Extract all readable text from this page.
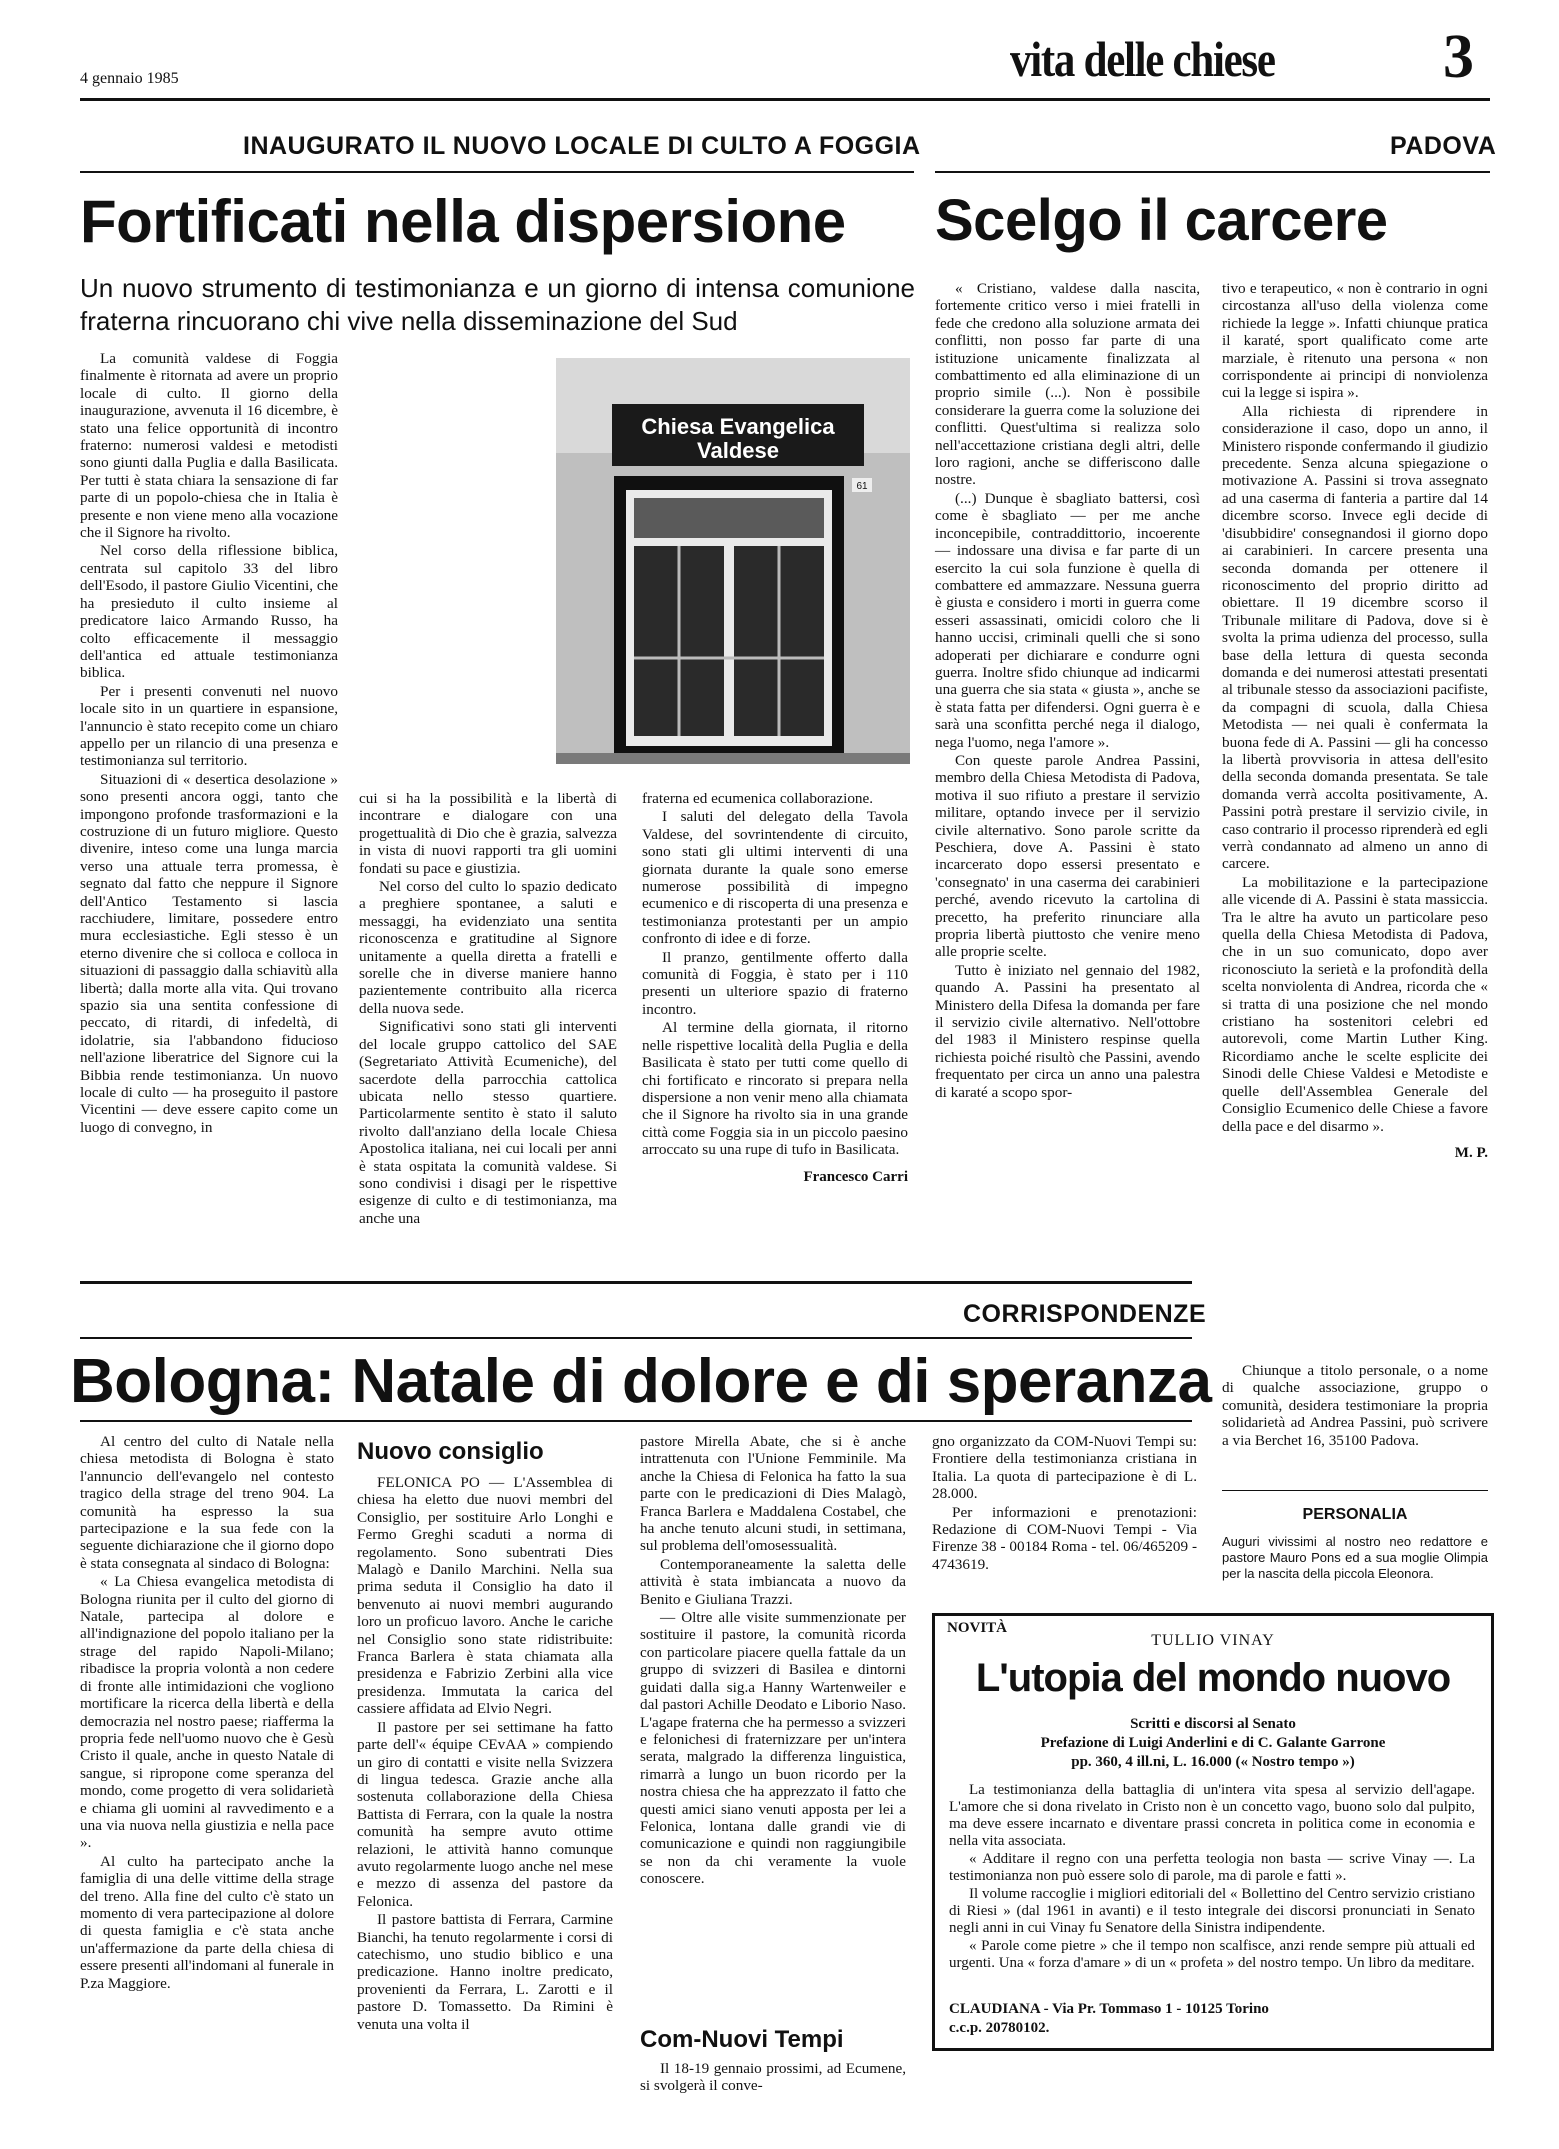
4 gennaio 1985	vita delle chiese	3
INAUGURATO IL NUOVO LOCALE DI CULTO A FOGGIA
Fortificati nella dispersione
Un nuovo strumento di testimonianza e un giorno di intensa comunione fraterna rincuorano chi vive nella disseminazione del Sud

La comunità valdese di Foggia finalmente è ritornata ad avere un proprio locale di culto. Il giorno della inaugurazione, avvenuta il 16 dicembre, è stato una felice opportunità di incontro fraterno: numerosi valdesi e metodisti sono giunti dalla Puglia e dalla Basilicata. Per tutti è stata chiara la sensazione di far parte di un popolo-chiesa che in Italia è presente e non viene meno alla vocazione che il Signore ha rivolto.

Nel corso della riflessione biblica, centrata sul capitolo 33 del libro dell'Esodo, il pastore Giulio Vicentini, che ha presieduto il culto insieme al predicatore laico Armando Russo, ha colto efficacemente il messaggio dell'antica ed attuale testimonianza biblica.

Per i presenti convenuti nel nuovo locale sito in un quartiere in espansione, l'annuncio è stato recepito come un chiaro appello per un rilancio di una presenza e testimonianza sul territorio.

Situazioni di « desertica desolazione » sono presenti ancora oggi, tanto che impongono profonde trasformazioni e la costruzione di un futuro migliore. Questo divenire, inteso come una lunga marcia verso una attuale terra promessa, è segnato dal fatto che neppure il Signore dell'Antico Testamento si lascia racchiudere, limitare, possedere entro mura ecclesiastiche. Egli stesso è un eterno divenire che si colloca e colloca in situazioni di passaggio dalla schiavitù alla libertà; dalla morte alla vita. Qui trovano spazio sia una sentita confessione di peccato, di ritardi, di infedeltà, di idolatrie, sia l'abbandono fiducioso nell'azione liberatrice del Signore cui la Bibbia rende testimonianza. Un nuovo locale di culto — ha proseguito il pastore Vicentini — deve essere capito come un luogo di convegno, in

Chiesa Evangelica
Valdese
61

cui si ha la possibilità e la libertà di incontrare e dialogare con una progettualità di Dio che è grazia, salvezza in vista di nuovi rapporti tra gli uomini fondati su pace e giustizia.

Nel corso del culto lo spazio dedicato a preghiere spontanee, a saluti e messaggi, ha evidenziato una sentita riconoscenza e gratitudine al Signore unitamente a quella diretta a fratelli e sorelle che in diverse maniere hanno pazientemente contribuito alla ricerca della nuova sede.

Significativi sono stati gli interventi del locale gruppo cattolico del SAE (Segretariato Attività Ecumeniche), del sacerdote della parrocchia cattolica ubicata nello stesso quartiere. Particolarmente sentito è stato il saluto rivolto dall'anziano della locale Chiesa Apostolica italiana, nei cui locali per anni è stata ospitata la comunità valdese. Si sono condivisi i disagi per le rispettive esigenze di culto e di testimonianza, ma anche una

fraterna ed ecumenica collaborazione.

I saluti del delegato della Tavola Valdese, del sovrintendente di circuito, sono stati gli ultimi interventi di una giornata durante la quale sono emerse numerose possibilità di impegno ecumenico e di riscoperta di una presenza e testimonianza protestanti per un ampio confronto di idee e di forze.

Il pranzo, gentilmente offerto dalla comunità di Foggia, è stato per i 110 presenti un ulteriore spazio di fraterno incontro.

Al termine della giornata, il ritorno nelle rispettive località della Puglia e della Basilicata è stato per tutti come quello di chi fortificato e rincorato si prepara nella dispersione a non venir meno alla chiamata che il Signore ha rivolto sia in una grande città come Foggia sia in un piccolo paesino arroccato su una rupe di tufo in Basilicata.

Francesco Carri
PADOVA
Scelgo il carcere

« Cristiano, valdese dalla nascita, fortemente critico verso i miei fratelli in fede che credono alla soluzione armata dei conflitti, non posso far parte di una istituzione unicamente finalizzata al combattimento ed alla eliminazione di un proprio simile (...). Non è possibile considerare la guerra come la soluzione dei conflitti. Quest'ultima si realizza solo nell'accettazione cristiana degli altri, delle loro ragioni, anche se differiscono dalle nostre.

(...) Dunque è sbagliato battersi, così come è sbagliato — per me anche inconcepibile, contraddittorio, incoerente — indossare una divisa e far parte di un esercito la cui sola funzione è quella di combattere ed ammazzare. Nessuna guerra è giusta e considero i morti in guerra come esseri assassinati, omicidi coloro che li hanno uccisi, criminali quelli che si sono adoperati per dichiarare e condurre ogni guerra. Inoltre sfido chiunque ad indicarmi una guerra che sia stata « giusta », anche se è stata fatta per difendersi. Ogni guerra è e sarà una sconfitta perché nega il dialogo, nega l'uomo, nega l'amore ».

Con queste parole Andrea Passini, membro della Chiesa Metodista di Padova, motiva il suo rifiuto a prestare il servizio militare, optando invece per il servizio civile alternativo. Sono parole scritte da Peschiera, dove A. Passini è stato incarcerato dopo essersi presentato e 'consegnato' in una caserma dei carabinieri perché, avendo ricevuto la cartolina di precetto, ha preferito rinunciare alla propria libertà piuttosto che venire meno alle proprie scelte.

Tutto è iniziato nel gennaio del 1982, quando A. Passini ha presentato al Ministero della Difesa la domanda per fare il servizio civile alternativo. Nell'ottobre del 1983 il Ministero respinse quella richiesta poiché risultò che Passini, avendo frequentato per circa un anno una palestra di karaté a scopo spor-

tivo e terapeutico, « non è contrario in ogni circostanza all'uso della violenza come richiede la legge ». Infatti chiunque pratica il karaté, sport qualificato come arte marziale, è ritenuto una persona « non corrispondente ai principi di nonviolenza cui la legge si ispira ».

Alla richiesta di riprendere in considerazione il caso, dopo un anno, il Ministero risponde confermando il giudizio precedente. Senza alcuna spiegazione o motivazione A. Passini si trova assegnato ad una caserma di fanteria a partire dal 14 dicembre scorso. Invece egli decide di 'disubbidire' consegnandosi il giorno dopo ai carabinieri. In carcere presenta una seconda domanda per ottenere il riconoscimento del proprio diritto ad obiettare. Il 19 dicembre scorso il Tribunale militare di Padova, dove si è svolta la prima udienza del processo, sulla base della lettura di questa seconda domanda e dei numerosi attestati presentati al tribunale stesso da associazioni pacifiste, da compagni di scuola, dalla Chiesa Metodista — nei quali è confermata la buona fede di A. Passini — gli ha concesso la libertà provvisoria in attesa dell'esito della seconda domanda presentata. Se tale domanda verrà accolta positivamente, A. Passini potrà prestare il servizio civile, in caso contrario il processo riprenderà ed egli verrà condannato ad almeno un anno di carcere.

La mobilitazione e la partecipazione alle vicende di A. Passini è stata massiccia. Tra le altre ha avuto un particolare peso quella della Chiesa Metodista di Padova, che in un suo comunicato, dopo aver riconosciuto la serietà e la profondità della scelta nonviolenta di Andrea, ricorda che « si tratta di una posizione che nel mondo cristiano ha sostenitori celebri ed autorevoli, come Martin Luther King. Ricordiamo anche le scelte esplicite dei Sinodi delle Chiese Valdesi e Metodiste e quelle dell'Assemblea Generale del Consiglio Ecumenico delle Chiese a favore della pace e del disarmo ».

M. P.
CORRISPONDENZE
Bologna: Natale di dolore e di speranza

Al centro del culto di Natale nella chiesa metodista di Bologna è stato l'annuncio dell'evangelo nel contesto tragico della strage del treno 904. La comunità ha espresso la sua partecipazione e la sua fede con la seguente dichiarazione che il giorno dopo è stata consegnata al sindaco di Bologna:

« La Chiesa evangelica metodista di Bologna riunita per il culto del giorno di Natale, partecipa al dolore e all'indignazione del popolo italiano per la strage del rapido Napoli-Milano; ribadisce la propria volontà a non cedere di fronte alle intimidazioni che vogliono mortificare la ricerca della libertà e della democrazia nel nostro paese; riafferma la propria fede nell'uomo nuovo che è Gesù Cristo il quale, anche in questo Natale di sangue, si ripropone come speranza del mondo, come progetto di vera solidarietà e chiama gli uomini al ravvedimento e a una via nuova nella giustizia e nella pace ».

Al culto ha partecipato anche la famiglia di una delle vittime della strage del treno. Alla fine del culto c'è stato un momento di vera partecipazione al dolore di questa famiglia e c'è stata anche un'affermazione da parte della chiesa di essere presenti all'indomani al funerale in P.za Maggiore.

Nuovo consiglio

FELONICA PO — L'Assemblea di chiesa ha eletto due nuovi membri del Consiglio, per sostituire Arlo Longhi e Fermo Greghi scaduti a norma di regolamento. Sono subentrati Dies Malagò e Danilo Marchini. Nella sua prima seduta il Consiglio ha dato il benvenuto ai nuovi membri augurando loro un proficuo lavoro. Anche le cariche nel Consiglio sono state ridistribuite: Franca Barlera è stata chiamata alla presidenza e Fabrizio Zerbini alla vice presidenza. Immutata la carica del cassiere affidata ad Elvio Negri.

Il pastore per sei settimane ha fatto parte dell'« équipe CEvAA » compiendo un giro di contatti e visite nella Svizzera di lingua tedesca. Grazie anche alla sostenuta collaborazione della Chiesa Battista di Ferrara, con la quale la nostra comunità ha sempre avuto ottime relazioni, le attività hanno comunque avuto regolarmente luogo anche nel mese e mezzo di assenza del pastore da Felonica.

Il pastore battista di Ferrara, Carmine Bianchi, ha tenuto regolarmente i corsi di catechismo, uno studio biblico e una predicazione. Hanno inoltre predicato, provenienti da Ferrara, L. Zarotti e il pastore D. Tomassetto. Da Rimini è venuta una volta il

pastore Mirella Abate, che si è anche intrattenuta con l'Unione Femminile. Ma anche la Chiesa di Felonica ha fatto la sua parte con le predicazioni di Dies Malagò, Franca Barlera e Maddalena Costabel, che ha anche tenuto alcuni studi, in settimana, sul problema dell'omosessualità.

Contemporaneamente la saletta delle attività è stata imbiancata a nuovo da Benito e Giuliana Trazzi.

— Oltre alle visite summenzionate per sostituire il pastore, la comunità ricorda con particolare piacere quella fattale da un gruppo di svizzeri di Basilea e dintorni guidati dalla sig.a Hanny Wartenweiler e dal pastori Achille Deodato e Liborio Naso. L'agape fraterna che ha permesso a svizzeri e felonichesi di fraternizzare per un'intera serata, malgrado la differenza linguistica, rimarrà a lungo un buon ricordo per la nostra chiesa che ha apprezzato il fatto che questi amici siano venuti apposta per lei a Felonica, lontana dalle grandi vie di comunicazione e quindi non raggiungibile se non da chi veramente la vuole conoscere.

Com-Nuovi Tempi

Il 18-19 gennaio prossimi, ad Ecumene, si svolgerà il conve-

gno organizzato da COM-Nuovi Tempi su: Frontiere della testimonianza cristiana in Italia. La quota di partecipazione è di L. 28.000.

Per informazioni e prenotazioni: Redazione di COM-Nuovi Tempi - Via Firenze 38 - 00184 Roma - tel. 06/465209 - 4743619.

Chiunque a titolo personale, o a nome di qualche associazione, gruppo o comunità, desidera testimoniare la propria solidarietà ad Andrea Passini, può scrivere a via Berchet 16, 35100 Padova.

PERSONALIA
Auguri vivissimi al nostro neo redattore e pastore Mauro Pons ed a sua moglie Olimpia per la nascita della piccola Eleonora.
NOVITÀ
TULLIO VINAY
L'utopia del mondo nuovo
Scritti e discorsi al Senato
Prefazione di Luigi Anderlini e di C. Galante Garrone
pp. 360, 4 ill.ni, L. 16.000 (« Nostro tempo »)

La testimonianza della battaglia di un'intera vita spesa al servizio dell'agape. L'amore che si dona rivelato in Cristo non è un concetto vago, buono solo dal pulpito, ma deve essere incarnato e diventare prassi concreta in politica come in economia e nella vita associata.

« Additare il regno con una perfetta teologia non basta — scrive Vinay —. La testimonianza non può essere solo di parole, ma di parole e fatti ».

Il volume raccoglie i migliori editoriali del « Bollettino del Centro servizio cristiano di Riesi » (dal 1961 in avanti) e il testo integrale dei discorsi pronunciati in Senato negli anni in cui Vinay fu Senatore della Sinistra indipendente.

« Parole come pietre » che il tempo non scalfisce, anzi rende sempre più attuali ed urgenti. Una « forza d'amare » di un « profeta » del nostro tempo. Un libro da meditare.

CLAUDIANA - Via Pr. Tommaso 1 - 10125 Torino
c.c.p. 20780102.
